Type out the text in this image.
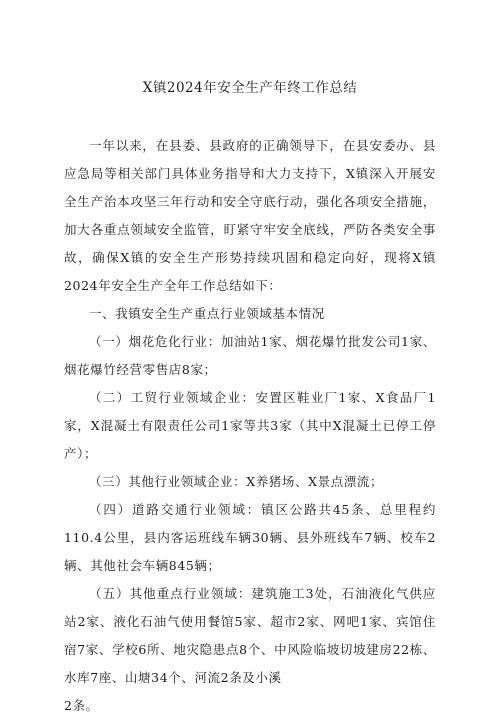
X镇2024年安全生产年终工作总结

一年以来，在县委、县政府的正确领导下，在县安委办、县应急局等相关部门具体业务指导和大力支持下，X镇深入开展安全生产治本攻坚三年行动和安全守底行动，强化各项安全措施，加大各重点领域安全监管，盯紧守牢安全底线，严防各类安全事故，确保X镇的安全生产形势持续巩固和稳定向好，现将X镇2024年安全生产全年工作总结如下：

一、我镇安全生产重点行业领域基本情况

（一）烟花危化行业：加油站1家、烟花爆竹批发公司1家、烟花爆竹经营零售店8家；

（二）工贸行业领域企业：安置区鞋业厂1家、X食品厂1家，X混凝土有限责任公司1家等共3家（其中X混凝土已停工停产）；

（三）其他行业领域企业：X养猪场、X景点漂流；

（四）道路交通行业领域：镇区公路共45条、总里程约110.4公里，县内客运班线车辆30辆、县外班线车7辆、校车2辆、其他社会车辆845辆；

（五）其他重点行业领域：建筑施工3处，石油液化气供应站2家、液化石油气使用餐馆5家、超市2家、网吧1家、宾馆住宿7家、学校6所、地灾隐患点8个、中风险临坡切坡建房22栋、水库7座、山塘34个、河流2条及小溪

2条。
